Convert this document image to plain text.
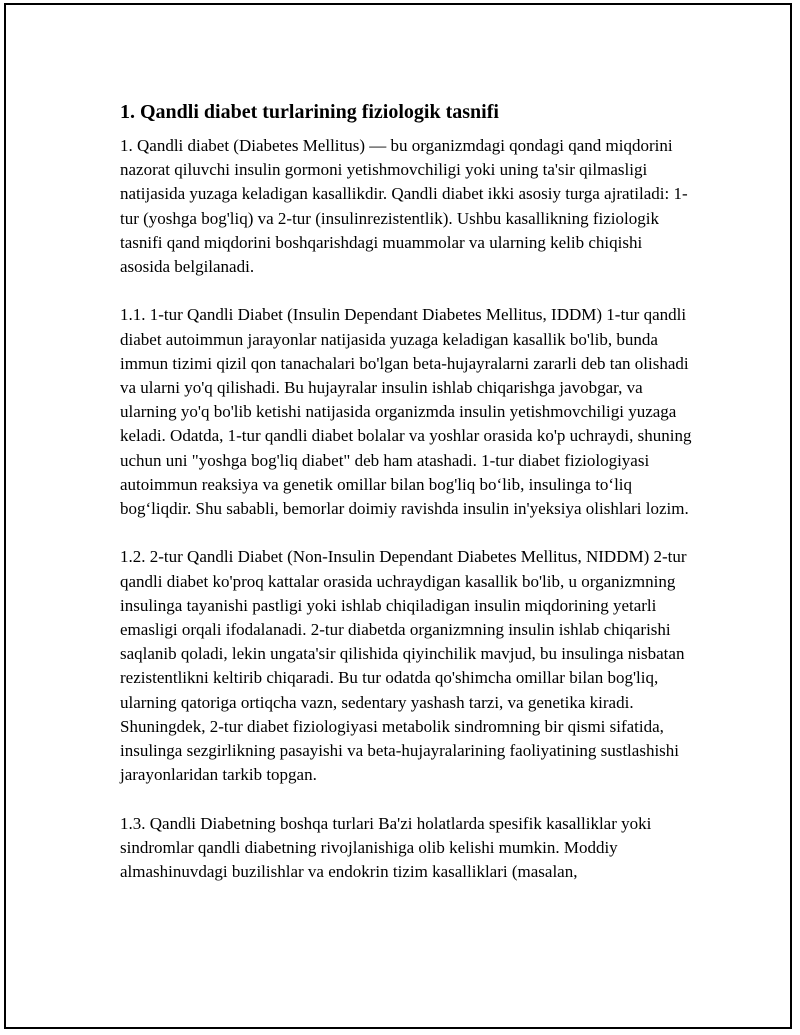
1. Qandli diabet turlarining fiziologik tasnifi

1. Qandli diabet (Diabetes Mellitus) — bu organizmdagi qondagi qand miqdorini nazorat qiluvchi insulin gormoni yetishmovchiligi yoki uning ta'sir qilmasligi natijasida yuzaga keladigan kasallikdir. Qandli diabet ikki asosiy turga ajratiladi: 1-tur (yoshga bog'liq) va 2-tur (insulinrezistentlik). Ushbu kasallikning fiziologik tasnifi qand miqdorini boshqarishdagi muammolar va ularning kelib chiqishi asosida belgilanadi.

1.1. 1-tur Qandli Diabet (Insulin Dependant Diabetes Mellitus, IDDM) 1-tur qandli diabet autoimmun jarayonlar natijasida yuzaga keladigan kasallik bo'lib, bunda immun tizimi qizil qon tanachalari bo'lgan beta-hujayralarni zararli deb tan olishadi va ularni yo'q qilishadi. Bu hujayralar insulin ishlab chiqarishga javobgar, va ularning yo'q bo'lib ketishi natijasida organizmda insulin yetishmovchiligi yuzaga keladi. Odatda, 1-tur qandli diabet bolalar va yoshlar orasida ko'p uchraydi, shuning uchun uni "yoshga bog'liq diabet" deb ham atashadi. 1-tur diabet fiziologiyasi autoimmun reaksiya va genetik omillar bilan bog'liq bo‘lib, insulinga to‘liq bog‘liqdir. Shu sababli, bemorlar doimiy ravishda insulin in'yeksiya olishlari lozim.

1.2. 2-tur Qandli Diabet (Non-Insulin Dependant Diabetes Mellitus, NIDDM) 2-tur qandli diabet ko'proq kattalar orasida uchraydigan kasallik bo'lib, u organizmning insulinga tayanishi pastligi yoki ishlab chiqiladigan insulin miqdorining yetarli emasligi orqali ifodalanadi. 2-tur diabetda organizmning insulin ishlab chiqarishi saqlanib qoladi, lekin ungata'sir qilishida qiyinchilik mavjud, bu insulinga nisbatan rezistentlikni keltirib chiqaradi. Bu tur odatda qo'shimcha omillar bilan bog'liq, ularning qatoriga ortiqcha vazn, sedentary yashash tarzi, va genetika kiradi. Shuningdek, 2-tur diabet fiziologiyasi metabolik sindromning bir qismi sifatida, insulinga sezgirlikning pasayishi va beta-hujayralarining faoliyatining sustlashishi jarayonlaridan tarkib topgan.

1.3. Qandli Diabetning boshqa turlari Ba'zi holatlarda spesifik kasalliklar yoki sindromlar qandli diabetning rivojlanishiga olib kelishi mumkin. Moddiy almashinuvdagi buzilishlar va endokrin tizim kasalliklari (masalan,
